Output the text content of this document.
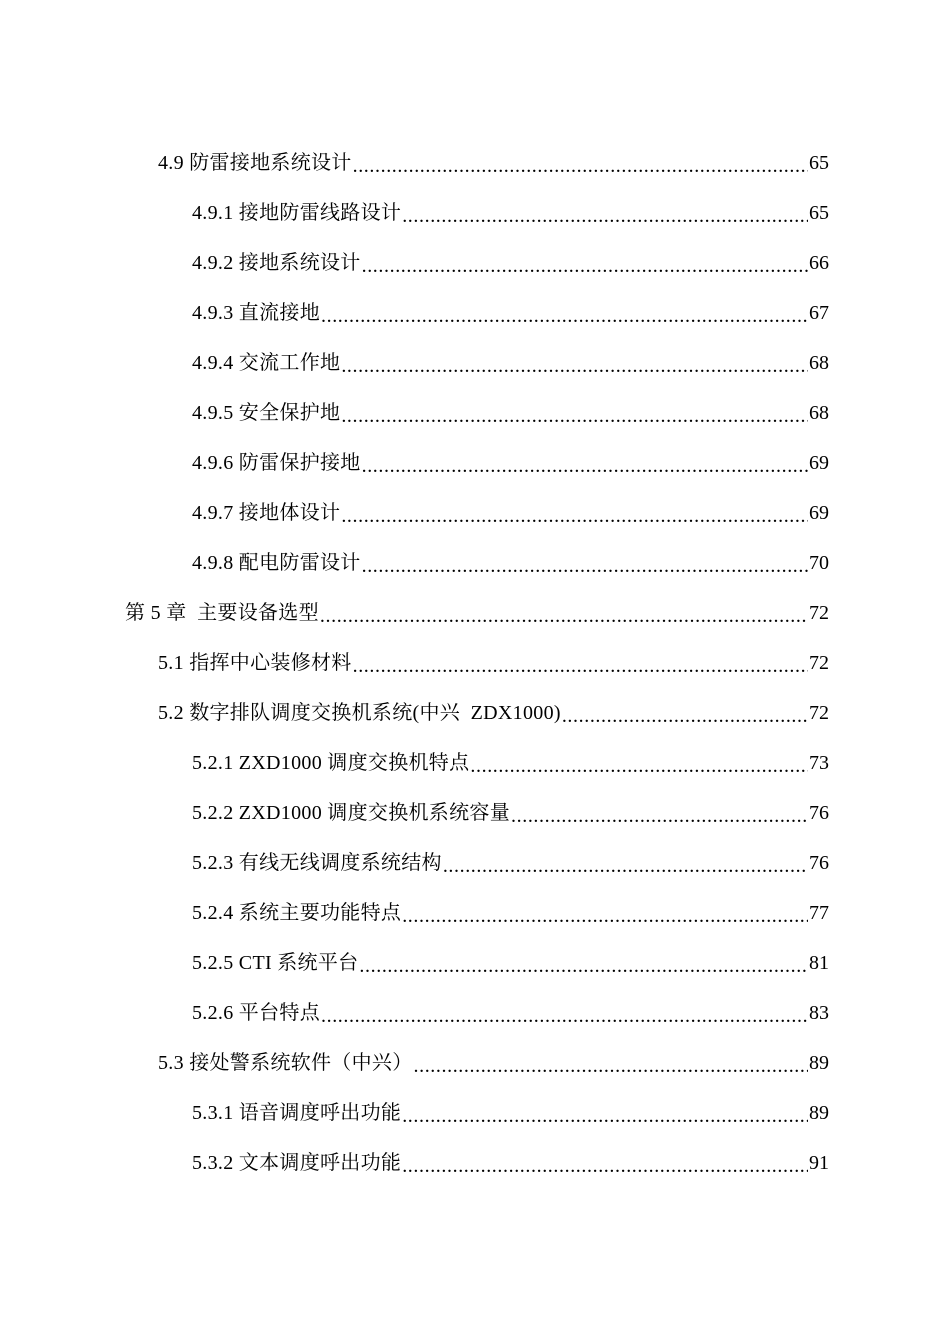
4.9 防雷接地系统设计 .....	65
4.9.1 接地防雷线路设计 .....	65
4.9.2 接地系统设计 .....	66
4.9.3 直流接地 .....	67
4.9.4 交流工作地 .....	68
4.9.5 安全保护地 .....	68
4.9.6 防雷保护接地 .....	69
4.9.7 接地体设计 .....	69
4.9.8 配电防雷设计 .....	70
第 5 章  主要设备选型 .....	72
5.1 指挥中心装修材料 .....	72
5.2 数字排队调度交换机系统(中兴  ZDX1000) .....	72
5.2.1 ZXD1000 调度交换机特点 .....	73
5.2.2 ZXD1000 调度交换机系统容量 .....	76
5.2.3 有线无线调度系统结构 .....	76
5.2.4 系统主要功能特点 .....	77
5.2.5 CTI 系统平台 .....	81
5.2.6 平台特点 .....	83
5.3 接处警系统软件（中兴） .....	89
5.3.1 语音调度呼出功能 .....	89
5.3.2 文本调度呼出功能 .....	91
